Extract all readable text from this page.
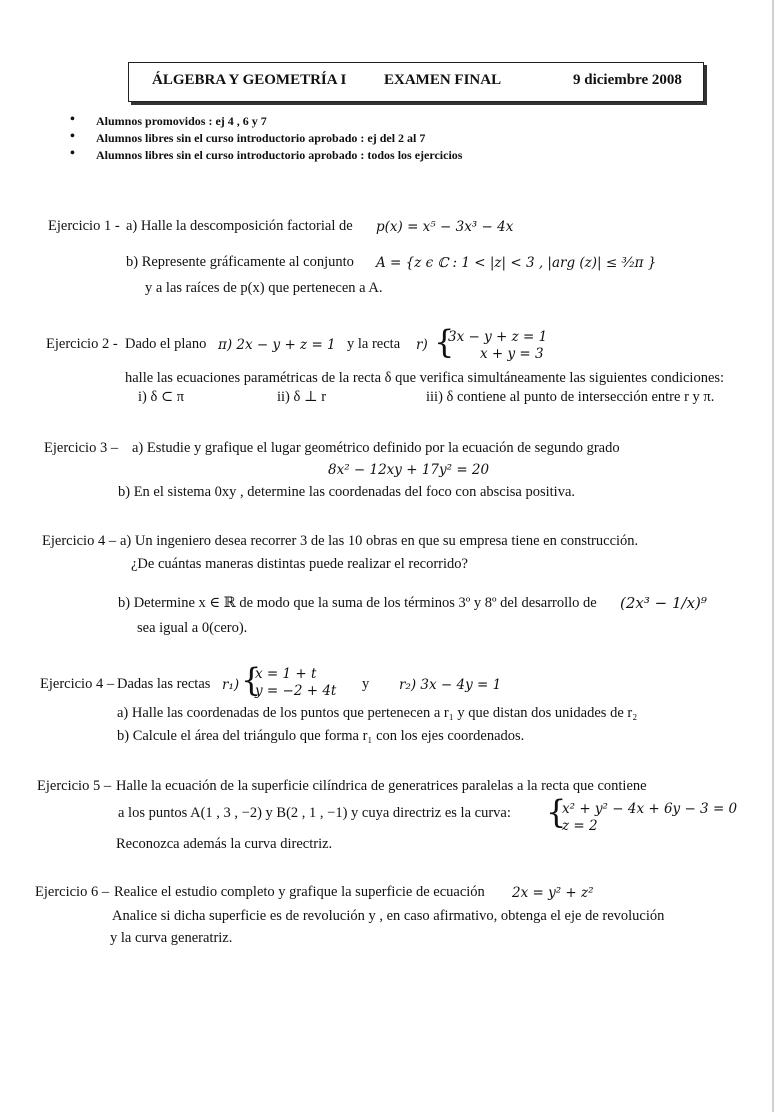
ÁLGEBRA Y GEOMETRÍA I	EXAMEN FINAL	9 diciembre 2008
• Alumnos promovidos : ej 4 , 6 y 7
• Alumnos libres sin el curso introductorio aprobado : ej del 2 al 7
• Alumnos libres sin el curso introductorio aprobado : todos los ejercicios
Ejercicio 1 - a) Halle la descomposición factorial de p(x) = x⁵ − 3x³ − 4x
b) Represente gráficamente al conjunto A = {z ϵ ℂ : 1 < |z| < 3 , |arg (z)| ≤ ³⁄₂π }
y a las raíces de p(x) que pertenecen a A.
Ejercicio 2 - Dado el plano π) 2x − y + z = 1 y la recta r) {
3x − y + z = 1
x + y = 3
halle las ecuaciones paramétricas de la recta δ que verifica simultáneamente las siguientes condiciones:
i) δ ⊂ π	ii) δ ⊥ r	iii) δ contiene al punto de intersección entre r y π.
Ejercicio 3 – a) Estudie y grafique el lugar geométrico definido por la ecuación de segundo grado
8x² − 12xy + 17y² = 20
b) En el sistema 0xy , determine las coordenadas del foco con abscisa positiva.
Ejercicio 4 – a) Un ingeniero desea recorrer 3 de las 10 obras en que su empresa tiene en construcción.
¿De cuántas maneras distintas puede realizar el recorrido?
b) Determine x ∈ ℝ de modo que la suma de los términos 3º y 8º del desarrollo de (2x³ − 1/x)⁹
sea igual a 0(cero).
Ejercicio 4 – Dadas las rectas r₁) {
x = 1 + t
y = −2 + 4t y r₂) 3x − 4y = 1
a) Halle las coordenadas de los puntos que pertenecen a r₁ y que distan dos unidades de r₂
b) Calcule el área del triángulo que forma r₁ con los ejes coordenados.
Ejercicio 5 – Halle la ecuación de la superficie cilíndrica de generatrices paralelas a la recta que contiene
a los puntos A(1 , 3 , −2) y B(2 , 1 , −1) y cuya directriz es la curva: {
x² + y² − 4x + 6y − 3 = 0
z = 2
Reconozca además la curva directriz.
Ejercicio 6 – Realice el estudio completo y grafique la superficie de ecuación 2x = y² + z²
Analice si dicha superficie es de revolución y , en caso afirmativo, obtenga el eje de revolución
y la curva generatriz.
